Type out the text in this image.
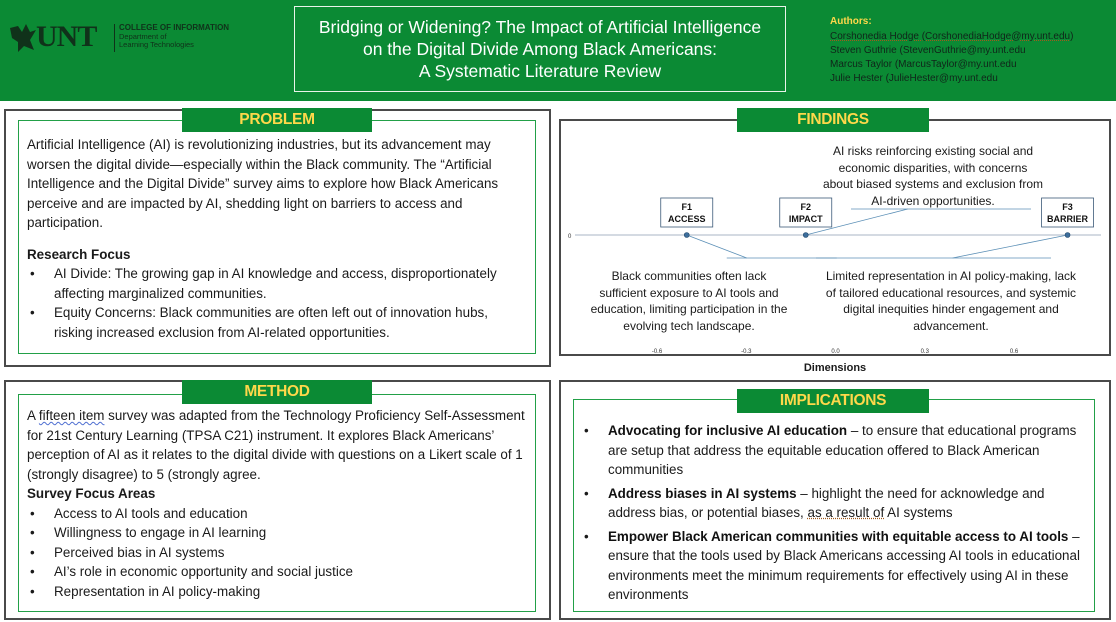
UNT	COLLEGE OF INFORMATION
Department of
Learning Technologies
Bridging or Widening? The Impact of Artificial Intelligence
on the Digital Divide Among Black Americans:
A Systematic Literature Review
Authors:
Corshonedia Hodge (CorshonediaHodge@my.unt.edu)
Steven Guthrie (StevenGuthrie@my.unt.edu
Marcus Taylor (MarcusTaylor@my.unt.edu
Julie Hester (JulieHester@my.unt.edu
PROBLEM
Artificial Intelligence (AI) is revolutionizing industries, but its advancement may worsen the digital divide—especially within the Black community. The “Artificial Intelligence and the Digital Divide” survey aims to explore how Black Americans perceive and are impacted by AI, shedding light on barriers to access and participation.
Research Focus
• AI Divide: The growing gap in AI knowledge and access, disproportionately affecting marginalized communities.
• Equity Concerns: Black communities are often left out of innovation hubs, risking increased exclusion from AI-related opportunities.
METHOD
A fifteen item survey was adapted from the Technology Proficiency Self-Assessment for 21st Century Learning (TPSA C21) instrument. It explores Black Americans’ perception of AI as it relates to the digital divide with questions on a Likert scale of 1 (strongly disagree) to 5 (strongly agree.
Survey Focus Areas
• Access to AI tools and education
• Willingness to engage in AI learning
• Perceived bias in AI systems
• AI’s role in economic opportunity and social justice
• Representation in AI policy-making
FINDINGS
0
-0.6	-0.3	0.0	0.3	0.6
F1
ACCESS
F2
IMPACT
F3
BARRIER
AI risks reinforcing existing social and economic disparities, with concerns about biased systems and exclusion from AI-driven opportunities.
Black communities often lack sufficient exposure to AI tools and education, limiting participation in the evolving tech landscape.
Limited representation in AI policy-making, lack of tailored educational resources, and systemic digital inequities hinder engagement and advancement.
Dimensions
IMPLICATIONS
• Advocating for inclusive AI education – to ensure that educational programs are setup that address the equitable education offered to Black American communities
• Address biases in AI systems – highlight the need for acknowledge and address bias, or potential biases, as a result of AI systems
• Empower Black American communities with equitable access to AI tools – ensure that the tools used by Black Americans accessing AI tools in educational environments meet the minimum requirements for effectively using AI in these environments
